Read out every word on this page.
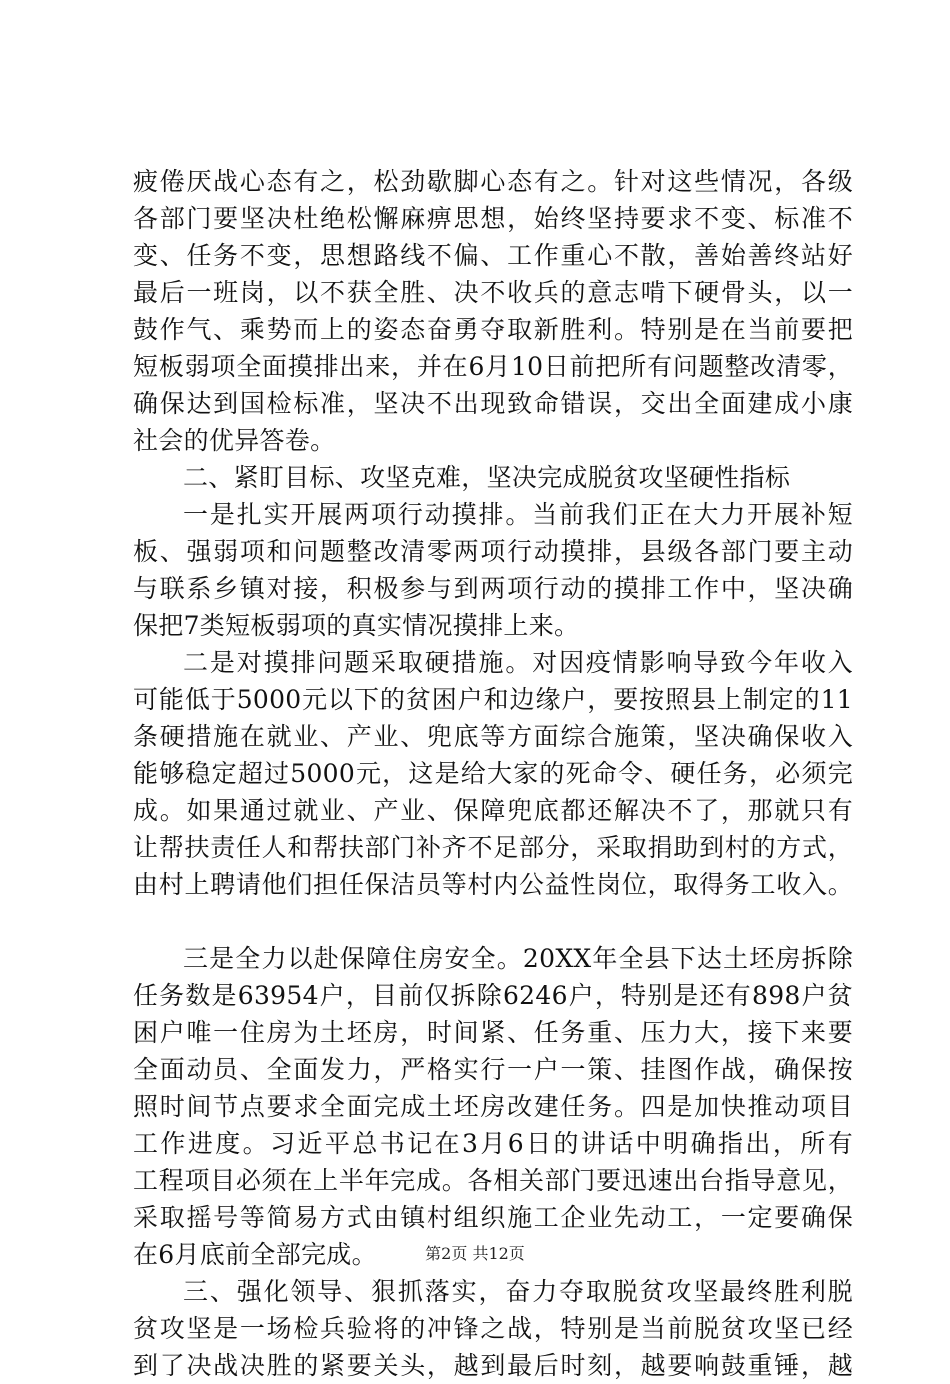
疲倦厌战心态有之，松劲歇脚心态有之。针对这些情况，各级
各部门要坚决杜绝松懈麻痹思想，始终坚持要求不变、标准不
变、任务不变，思想路线不偏、工作重心不散，善始善终站好
最后一班岗，以不获全胜、决不收兵的意志啃下硬骨头，以一
鼓作气、乘势而上的姿态奋勇夺取新胜利。特别是在当前要把
短板弱项全面摸排出来，并在6月10日前把所有问题整改清零，
确保达到国检标准，坚决不出现致命错误，交出全面建成小康
社会的优异答卷。
二、紧盯目标、攻坚克难，坚决完成脱贫攻坚硬性指标
一是扎实开展两项行动摸排。当前我们正在大力开展补短
板、强弱项和问题整改清零两项行动摸排，县级各部门要主动
与联系乡镇对接，积极参与到两项行动的摸排工作中，坚决确
保把7类短板弱项的真实情况摸排上来。
二是对摸排问题采取硬措施。对因疫情影响导致今年收入
可能低于5000元以下的贫困户和边缘户，要按照县上制定的11
条硬措施在就业、产业、兜底等方面综合施策，坚决确保收入
能够稳定超过5000元，这是给大家的死命令、硬任务，必须完
成。如果通过就业、产业、保障兜底都还解决不了，那就只有
让帮扶责任人和帮扶部门补齐不足部分，采取捐助到村的方式，
由村上聘请他们担任保洁员等村内公益性岗位，取得务工收入。
三是全力以赴保障住房安全。20XX年全县下达土坯房拆除
任务数是63954户，目前仅拆除6246户，特别是还有898户贫
困户唯一住房为土坯房，时间紧、任务重、压力大，接下来要
全面动员、全面发力，严格实行一户一策、挂图作战，确保按
照时间节点要求全面完成土坯房改建任务。四是加快推动项目
工作进度。习近平总书记在3月6日的讲话中明确指出，所有
工程项目必须在上半年完成。各相关部门要迅速出台指导意见，
采取摇号等简易方式由镇村组织施工企业先动工，一定要确保
在6月底前全部完成。
三、强化领导、狠抓落实，奋力夺取脱贫攻坚最终胜利脱
贫攻坚是一场检兵验将的冲锋之战，特别是当前脱贫攻坚已经
到了决战决胜的紧要关头，越到最后时刻，越要响鼓重锤，越
第2页 共12页
